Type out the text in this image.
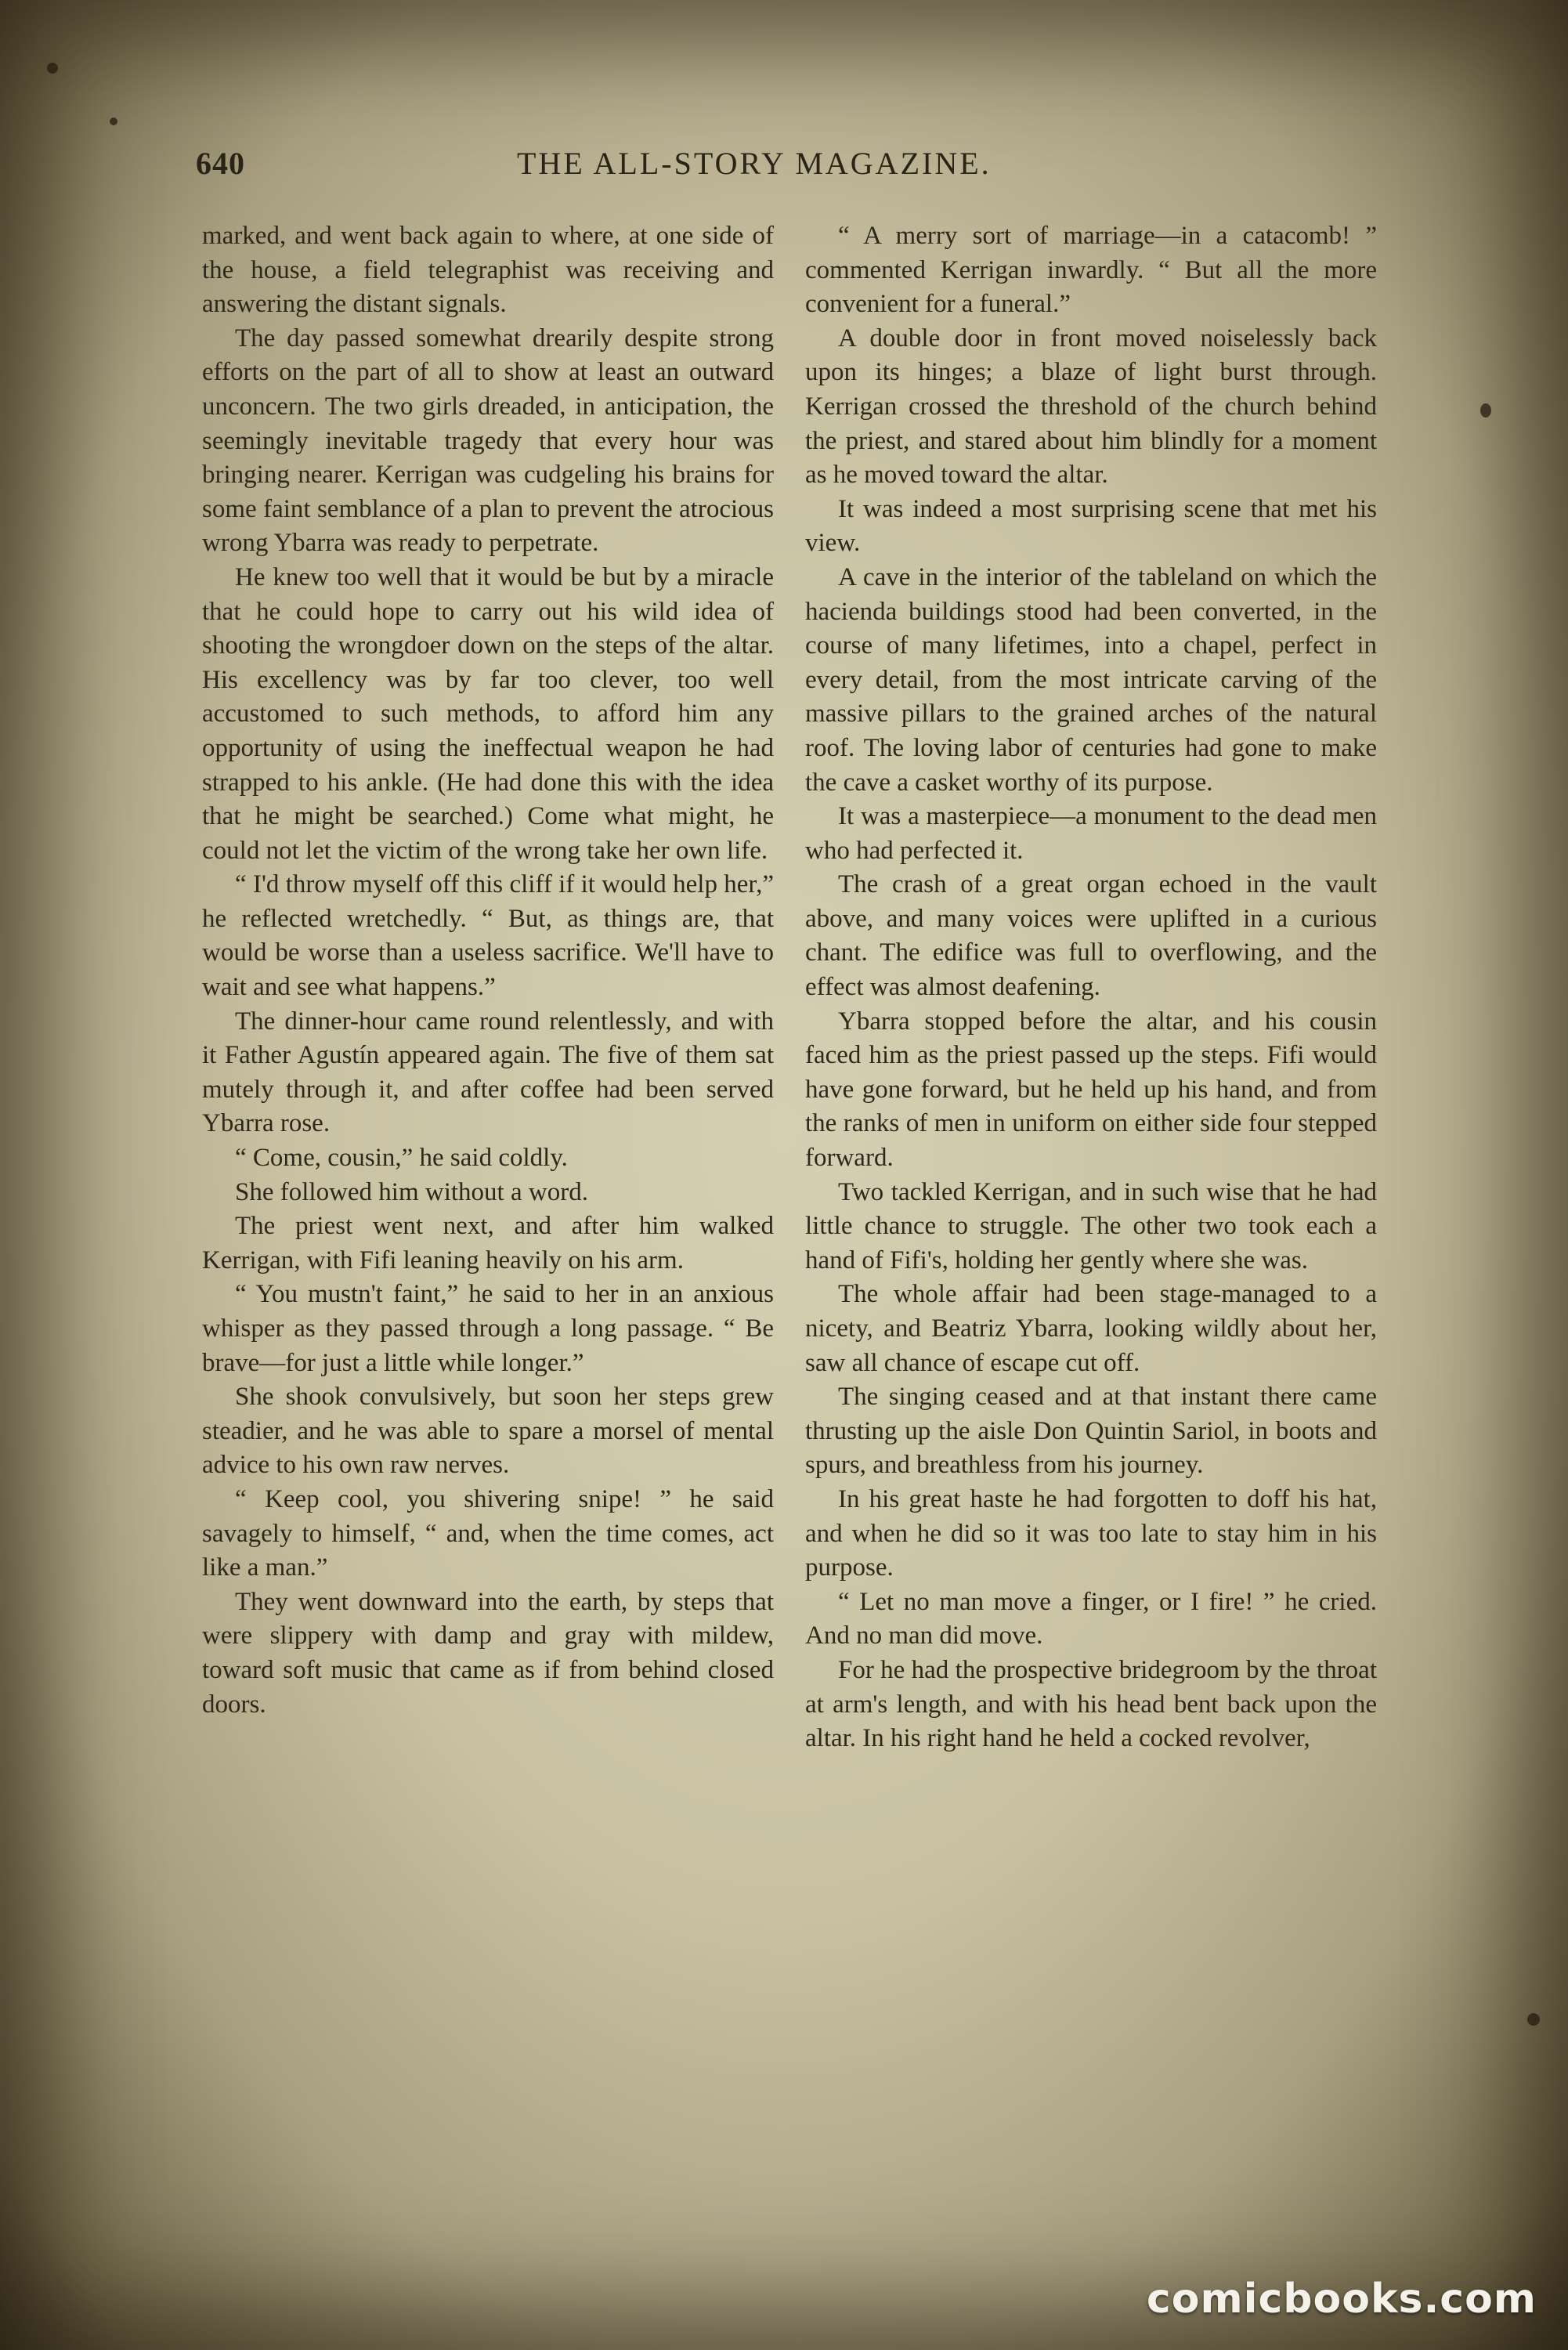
640	THE ALL-STORY MAGAZINE.

marked, and went back again to where, at one side of the house, a field telegraphist was receiving and answering the distant signals.

The day passed somewhat drearily despite strong efforts on the part of all to show at least an outward unconcern. The two girls dreaded, in anticipation, the seemingly inevitable tragedy that every hour was bringing nearer. Kerrigan was cudgeling his brains for some faint semblance of a plan to prevent the atrocious wrong Ybarra was ready to perpetrate.

He knew too well that it would be but by a miracle that he could hope to carry out his wild idea of shooting the wrongdoer down on the steps of the altar. His excellency was by far too clever, too well accustomed to such methods, to afford him any opportunity of using the ineffectual weapon he had strapped to his ankle. (He had done this with the idea that he might be searched.) Come what might, he could not let the victim of the wrong take her own life.

“ I'd throw myself off this cliff if it would help her,” he reflected wretchedly. “ But, as things are, that would be worse than a useless sacrifice. We'll have to wait and see what happens.”

The dinner-hour came round relentlessly, and with it Father Agustín appeared again. The five of them sat mutely through it, and after coffee had been served Ybarra rose.

“ Come, cousin,” he said coldly.

She followed him without a word.

The priest went next, and after him walked Kerrigan, with Fifi leaning heavily on his arm.

“ You mustn't faint,” he said to her in an anxious whisper as they passed through a long passage. “ Be brave—for just a little while longer.”

She shook convulsively, but soon her steps grew steadier, and he was able to spare a morsel of mental advice to his own raw nerves.

“ Keep cool, you shivering snipe! ” he said savagely to himself, “ and, when the time comes, act like a man.”

They went downward into the earth, by steps that were slippery with damp and gray with mildew, toward soft music that came as if from behind closed doors.

“ A merry sort of marriage—in a catacomb! ” commented Kerrigan inwardly. “ But all the more convenient for a funeral.”

A double door in front moved noiselessly back upon its hinges; a blaze of light burst through. Kerrigan crossed the threshold of the church behind the priest, and stared about him blindly for a moment as he moved toward the altar.

It was indeed a most surprising scene that met his view.

A cave in the interior of the tableland on which the hacienda buildings stood had been converted, in the course of many lifetimes, into a chapel, perfect in every detail, from the most intricate carving of the massive pillars to the grained arches of the natural roof. The loving labor of centuries had gone to make the cave a casket worthy of its purpose.

It was a masterpiece—a monument to the dead men who had perfected it.

The crash of a great organ echoed in the vault above, and many voices were uplifted in a curious chant. The edifice was full to overflowing, and the effect was almost deafening.

Ybarra stopped before the altar, and his cousin faced him as the priest passed up the steps. Fifi would have gone forward, but he held up his hand, and from the ranks of men in uniform on either side four stepped forward.

Two tackled Kerrigan, and in such wise that he had little chance to struggle. The other two took each a hand of Fifi's, holding her gently where she was.

The whole affair had been stage-managed to a nicety, and Beatriz Ybarra, looking wildly about her, saw all chance of escape cut off.

The singing ceased and at that instant there came thrusting up the aisle Don Quintin Sariol, in boots and spurs, and breathless from his journey.

In his great haste he had forgotten to doff his hat, and when he did so it was too late to stay him in his purpose.

“ Let no man move a finger, or I fire! ” he cried. And no man did move.

For he had the prospective bridegroom by the throat at arm's length, and with his head bent back upon the altar. In his right hand he held a cocked revolver,

comicbooks.com
